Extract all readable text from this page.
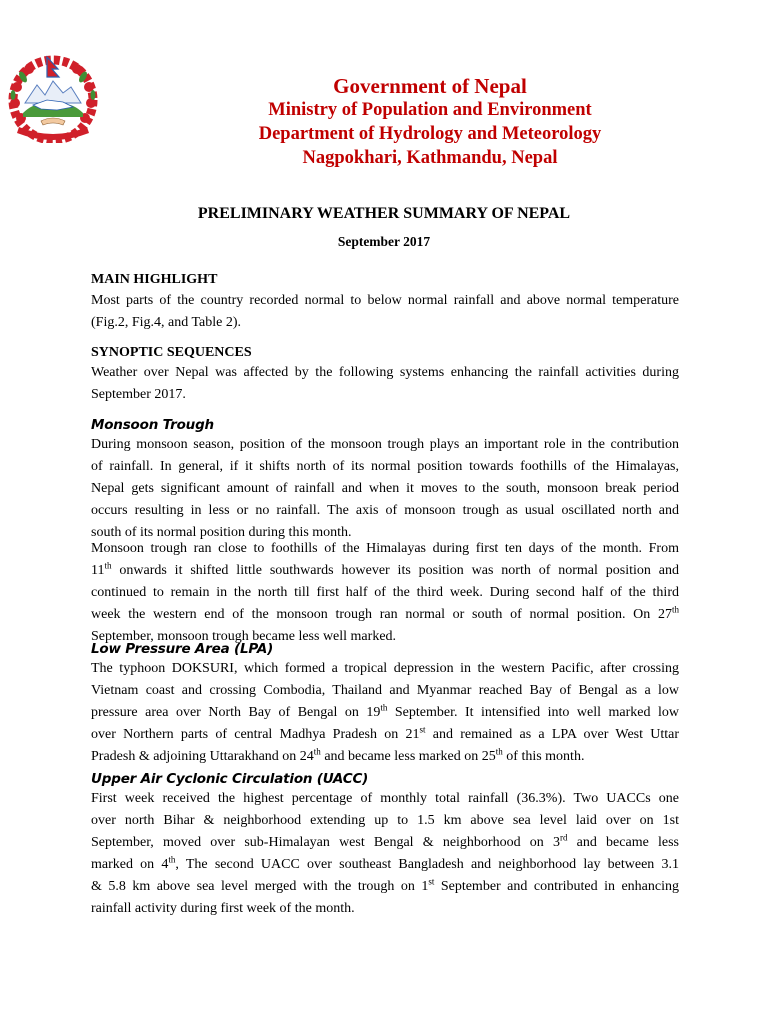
Government of Nepal

Ministry of Population and Environment

Department of Hydrology and Meteorology

Nagpokhari, Kathmandu, Nepal

PRELIMINARY WEATHER SUMMARY OF NEPAL

September 2017

MAIN HIGHLIGHT

Most parts of the country recorded normal to below normal rainfall and above normal temperature
(Fig.2, Fig.4, and Table 2).

SYNOPTIC SEQUENCES

Weather over Nepal was affected by the following systems enhancing the rainfall activities during
September 2017.

Monsoon Trough

During monsoon season, position of the monsoon trough plays an important role in the contribution
of rainfall. In general, if it shifts north of its normal position towards foothills of the Himalayas,
Nepal gets significant amount of rainfall and when it moves to the south, monsoon break period
occurs resulting in less or no rainfall. The axis of monsoon trough as usual oscillated north and
south of its normal position during this month.
Monsoon trough ran close to foothills of the Himalayas during first ten days of the month. From
11th onwards it shifted little southwards however its position was north of normal position and
continued to remain in the north till first half of the third week. During second half of the third
week the western end of the monsoon trough ran normal or south of normal position. On 27th
September, monsoon trough became less well marked.

Low Pressure Area (LPA)

The typhoon DOKSURI, which formed a tropical depression in the western Pacific, after crossing
Vietnam coast and crossing Combodia, Thailand and Myanmar reached Bay of Bengal as a low
pressure area over North Bay of Bengal on 19th September. It intensified into well marked low
over Northern parts of central Madhya Pradesh on 21st and remained as a LPA over West Uttar
Pradesh & adjoining Uttarakhand on 24th and became less marked on 25th of this month.

Upper Air Cyclonic Circulation (UACC)

First week received the highest percentage of monthly total rainfall (36.3%). Two UACCs one
over north Bihar & neighborhood extending up to 1.5 km above sea level laid over on 1st
September, moved over sub-Himalayan west Bengal & neighborhood on 3rd and became less
marked on 4th, The second UACC over southeast Bangladesh and neighborhood lay between 3.1
& 5.8 km above sea level merged with the trough on 1st September and contributed in enhancing
rainfall activity during first week of the month.
